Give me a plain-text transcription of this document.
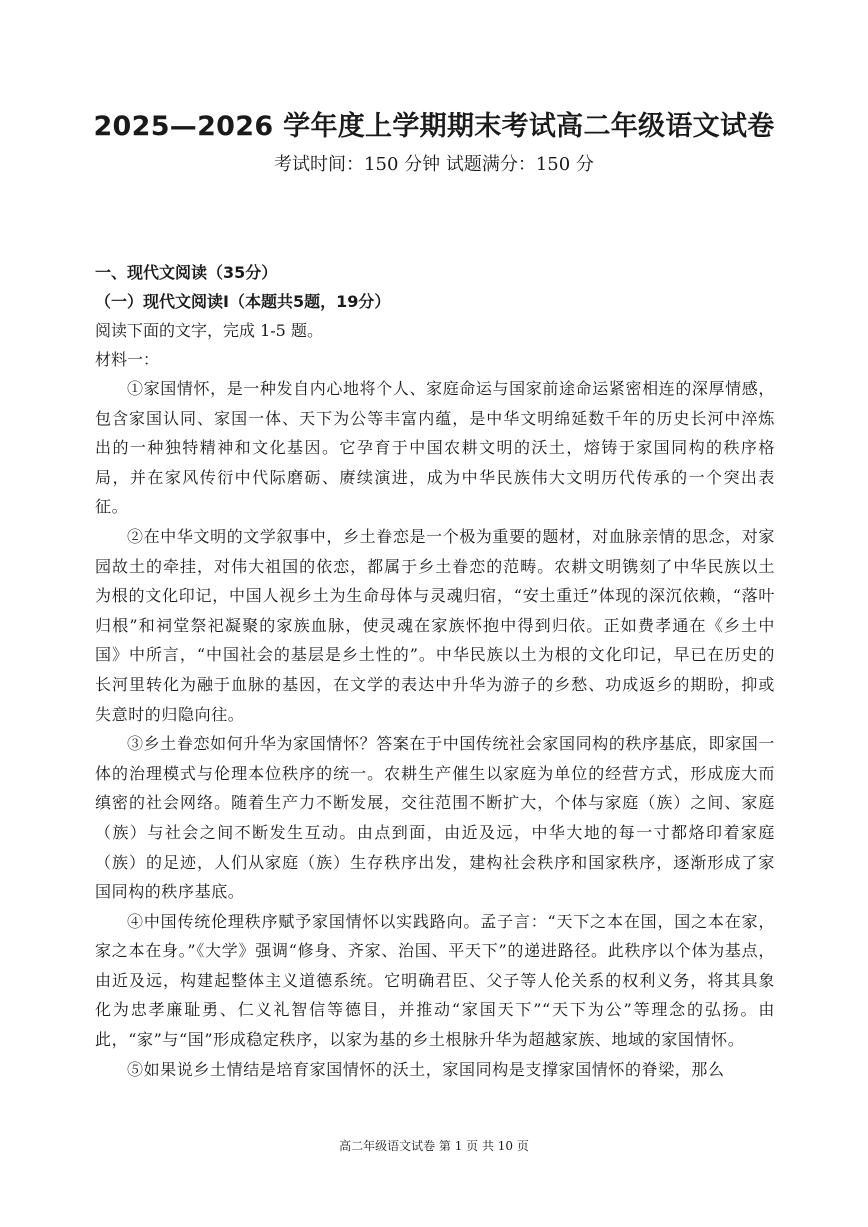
2025—2026 学年度上学期期末考试高二年级语文试卷

考试时间：150 分钟 试题满分：150 分

一、现代文阅读（35分）

（一）现代文阅读Ⅰ（本题共5题，19分）

阅读下面的文字，完成 1-5 题。

材料一：

①家国情怀，是一种发自内心地将个人、家庭命运与国家前途命运紧密相连的深厚情感，包含家国认同、家国一体、天下为公等丰富内蕴，是中华文明绵延数千年的历史长河中淬炼出的一种独特精神和文化基因。它孕育于中国农耕文明的沃土，熔铸于家国同构的秩序格局，并在家风传衍中代际磨砺、赓续演进，成为中华民族伟大文明历代传承的一个突出表征。

②在中华文明的文学叙事中，乡土眷恋是一个极为重要的题材，对血脉亲情的思念，对家园故土的牵挂，对伟大祖国的依恋，都属于乡土眷恋的范畴。农耕文明镌刻了中华民族以土为根的文化印记，中国人视乡土为生命母体与灵魂归宿，“安土重迁”体现的深沉依赖，“落叶归根”和祠堂祭祀凝聚的家族血脉，使灵魂在家族怀抱中得到归依。正如费孝通在《乡土中国》中所言，“中国社会的基层是乡土性的”。中华民族以土为根的文化印记，早已在历史的长河里转化为融于血脉的基因，在文学的表达中升华为游子的乡愁、功成返乡的期盼，抑或失意时的归隐向往。

③乡土眷恋如何升华为家国情怀？答案在于中国传统社会家国同构的秩序基底，即家国一体的治理模式与伦理本位秩序的统一。农耕生产催生以家庭为单位的经营方式，形成庞大而缜密的社会网络。随着生产力不断发展，交往范围不断扩大，个体与家庭（族）之间、家庭（族）与社会之间不断发生互动。由点到面，由近及远，中华大地的每一寸都烙印着家庭（族）的足迹，人们从家庭（族）生存秩序出发，建构社会秩序和国家秩序，逐渐形成了家国同构的秩序基底。

④中国传统伦理秩序赋予家国情怀以实践路向。孟子言：“天下之本在国，国之本在家，家之本在身。”《大学》强调“修身、齐家、治国、平天下”的递进路径。此秩序以个体为基点，由近及远，构建起整体主义道德系统。它明确君臣、父子等人伦关系的权利义务，将其具象化为忠孝廉耻勇、仁义礼智信等德目，并推动“家国天下”“天下为公”等理念的弘扬。由此，“家”与“国”形成稳定秩序，以家为基的乡土根脉升华为超越家族、地域的家国情怀。

⑤如果说乡土情结是培育家国情怀的沃土，家国同构是支撑家国情怀的脊梁，那么

高二年级语文试卷 第 1 页 共 10 页
